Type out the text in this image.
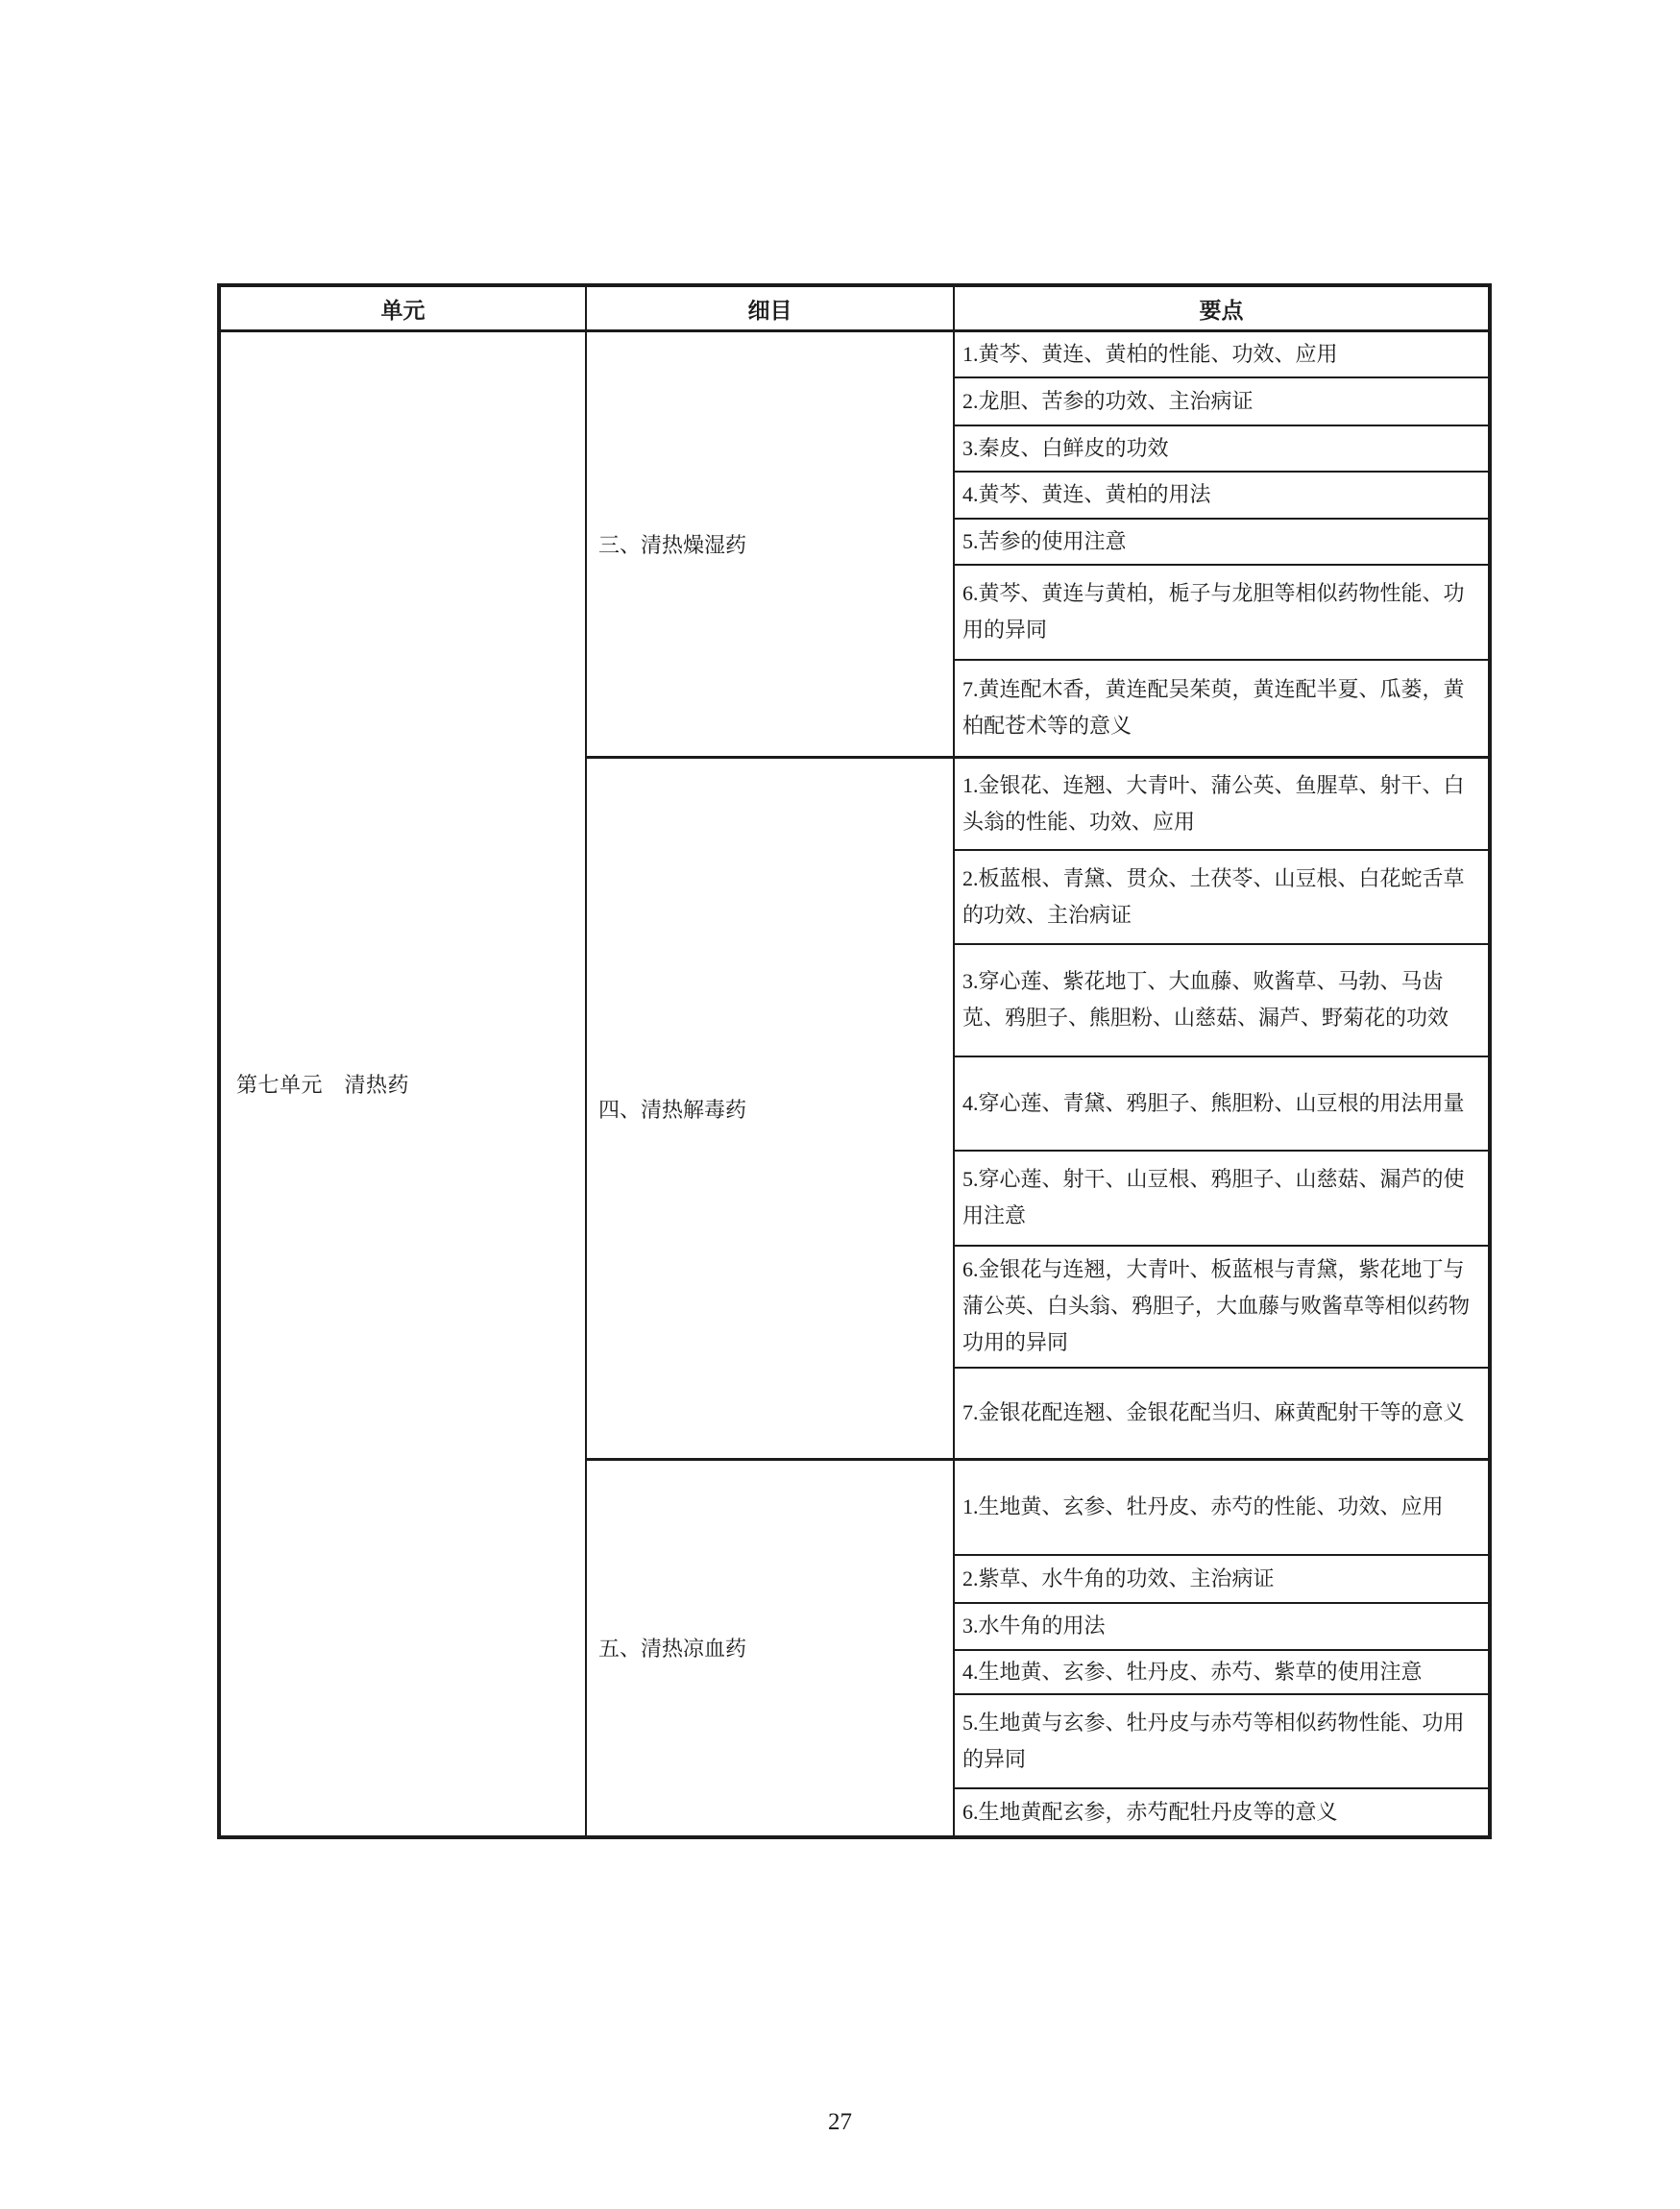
单元	细目	要点
第七单元　清热药	三、清热燥湿药	1.黄芩、黄连、黄柏的性能、功效、应用
		2.龙胆、苦参的功效、主治病证
		3.秦皮、白鲜皮的功效
		4.黄芩、黄连、黄柏的用法
		5.苦参的使用注意
		6.黄芩、黄连与黄柏，栀子与龙胆等相似药物性能、功用的异同
		7.黄连配木香，黄连配吴茱萸，黄连配半夏、瓜蒌，黄柏配苍术等的意义
	四、清热解毒药	1.金银花、连翘、大青叶、蒲公英、鱼腥草、射干、白头翁的性能、功效、应用
		2.板蓝根、青黛、贯众、土茯苓、山豆根、白花蛇舌草的功效、主治病证
		3.穿心莲、紫花地丁、大血藤、败酱草、马勃、马齿苋、鸦胆子、熊胆粉、山慈菇、漏芦、野菊花的功效
		4.穿心莲、青黛、鸦胆子、熊胆粉、山豆根的用法用量
		5.穿心莲、射干、山豆根、鸦胆子、山慈菇、漏芦的使用注意
		6.金银花与连翘，大青叶、板蓝根与青黛，紫花地丁与蒲公英、白头翁、鸦胆子，大血藤与败酱草等相似药物功用的异同
		7.金银花配连翘、金银花配当归、麻黄配射干等的意义
	五、清热凉血药	1.生地黄、玄参、牡丹皮、赤芍的性能、功效、应用
		2.紫草、水牛角的功效、主治病证
		3.水牛角的用法
		4.生地黄、玄参、牡丹皮、赤芍、紫草的使用注意
		5.生地黄与玄参、牡丹皮与赤芍等相似药物性能、功用的异同
		6.生地黄配玄参，赤芍配牡丹皮等的意义
27
